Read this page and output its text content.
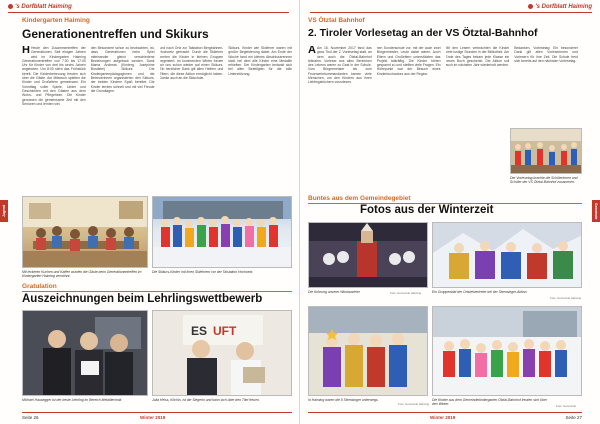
's Dorfblatt Haiming
Kindergarten Haiming
Generationentreffen und Skikurs
H Heute den Zusammentreffen der Generationen. Seit einigen Jahren wird im Kindergarten Haiming Generationentreffen von 7:30 bis 17:00 Uhr für Kinder von drei bis sechs Jahren angeboten. Um 8:00 steht das Frühstück bereit. Die Kinderbetreuung freuten sich über die Gäste. Am Mittwoch spielten die Kinder und Großeltern gemeinsam. Ein Vormittag voller Spiele, Lieder und Geschichten mit den Gästen aus dem Wohn- und Pflegeheim. Die Kinder genossen die gemeinsame Zeit mit den Senioren und lernten viel.
den Besondere schon zu beobachten, ist, dass Generationen beim Spiel miteinander gleich verschiedene Beziehungen aufgebaut werden. Dank Mama Andreas (Kinderg. Joséphine Bundelei) Skikurs: Die Kindergartenpädagoginnen und die Betreuerinnen organisierten den Skikurs, der beiden Kindern Spaß bereitet. Die Kinder lernten schnell und mit viel Freude die Grundlagen.
und nach Ortz zur Talstation Bergbahnen-Hochoetz gebracht. Durch die Skilehrer lernten die Kinder in kleinen Gruppen begeistert. Im kommenden Winter freuen wir uns schon wieder auf einen Skikurs. Ein herzlicher Dank gilt allen Helfern und Eltern, die diese Aktion ermöglicht haben. Danke auch an die Skischule.
Skikurs. Kinder wie Skilehrer waren mit großer Begeisterung dabei. Am Ende der Woche fand ein kleines Abschlussrennen statt, bei dem alle Kinder eine Medaille erhielten. Der Kindergarten bedankt sich bei allen Beteiligten für die tolle Unterstützung.
Mit leckeren Kuchen und Kaffee wurden die Gäste beim Generationentreffen im Kindergarten Haiming verwöhnt.
Die Skikurs-Kinder mit ihren Skilehrern vor der Talstation Hochoetz.
Gratulation
Auszeichnungen beim Lehrlingswettbewerb
Michael Hausegger ist der beste Lehrling im Bereich Metalltechnik.
ES UFT
Julia Heiss, Köchin, ist die Siegerin und kann sich über den Titel freuen.
Jugend
Seite 26	Winter 2019
's Dorfblatt Haiming
VS Ötztal Bahnhof
2. Tiroler Vorlesetag an der VS Ötztal-Bahnhof
A Am 16. November 2017 fand das ganz Tirol der 2. Vorlesetag statt, an dem auch die Ötztal-Bahnhof teilnahm. Vorleser aus allen Bereichen des Lebens waren zu Gast in der Schule. Vom Bürgermeister bis zum Feuerwehrkommandanten kamen viele Menschen, um den Kindern aus ihren Lieblingsbüchern vorzulesen.
nen Sonderschule vor, mit der auch zwei Bürgermeister, Leute dabei waren. Auch Eltern und Großeltern unterstützten das Projekt tatkräftig. Die Kinder hörten gespannt zu und stellten viele Fragen. Ein Höhepunkt war der Besuch eines Kinderbuchautors aus der Region.
Mit den Lesern verbrachten die Kinder viele lustige Stunden in der Bibliothek. Am Ende des Tages bekam jede Klasse ein neues Buch geschenkt. Die Aktion soll auch im nächsten Jahr wiederholt werden.
Bedanken, Vorlesetag: Ein besonderer Dank gilt allen Vorleserinnen und Vorlesern für ihre Zeit. Die Schule freut sich bereits auf den nächsten Vorlesetag.
Der Vorlesetag brachte die Schülerinnen und Schüler der VS Ötztal-Bahnhof zusammen.
Buntes aus dem Gemeindegebiet
Fotos aus der Winterzeit
Die Krönung unserer Nikolausfeier	Foto: Gemeinde Haiming	Ein Gruppenbild der Ortsteilvertreter bei der Sternsinger-Aktion.
Foto: Gemeinde Haiming
In Haiming waren die 5 Sternsinger unterwegs.
Foto: Gemeinde Haiming
Die Kinder aus dem Gemeindekindergarten Ötztal-Bahnhof freuten sich über den Winter.	Foto: Gemeinde
Gemeinde
Winter 2019	Seite 27
